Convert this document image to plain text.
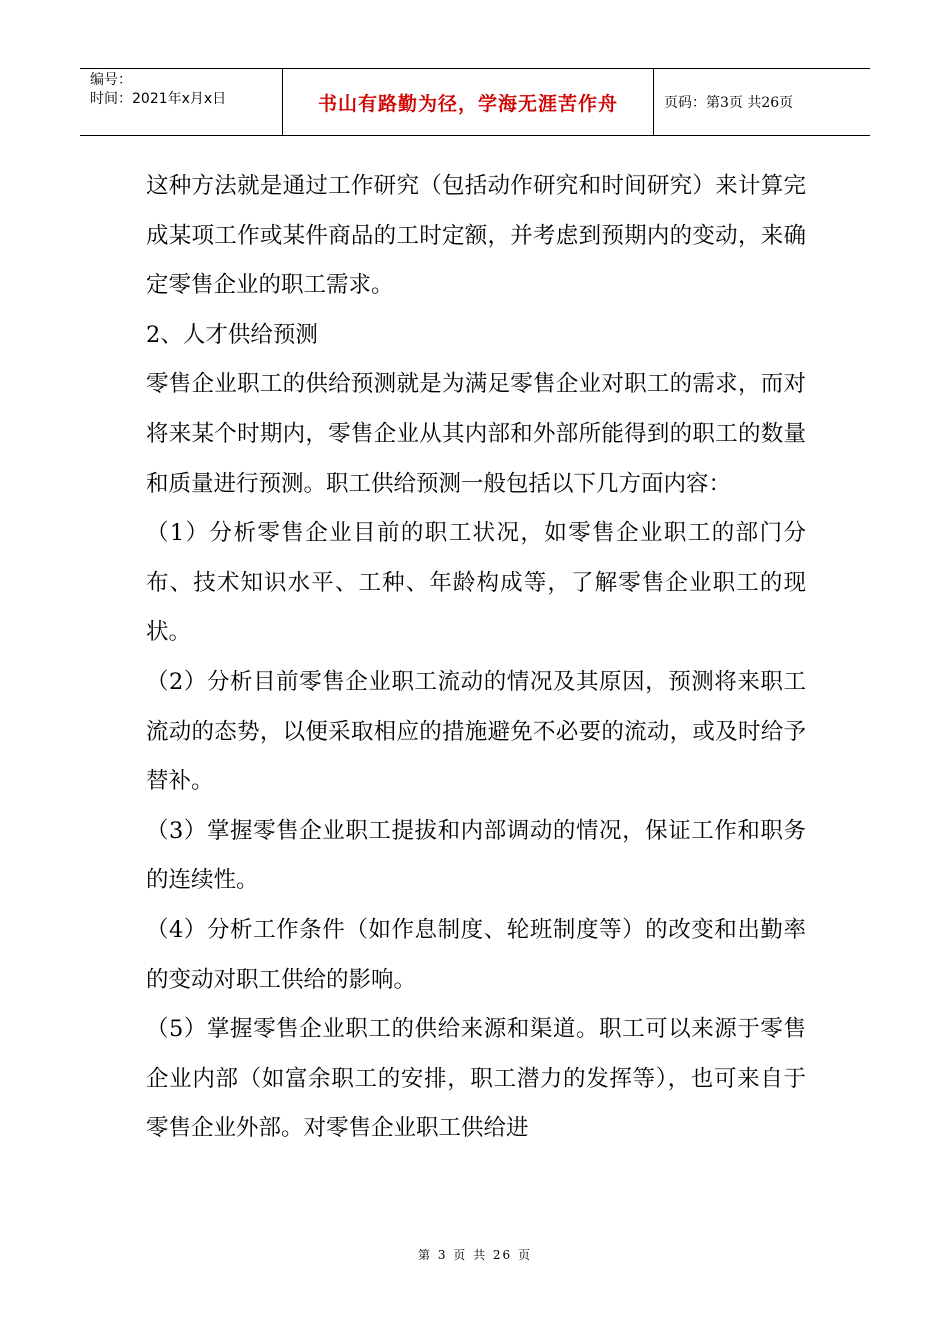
编号：
时间：2021年x月x日	书山有路勤为径，学海无涯苦作舟	页码：第3页 共26页

这种方法就是通过工作研究（包括动作研究和时间研究）来计算完成某项工作或某件商品的工时定额，并考虑到预期内的变动，来确定零售企业的职工需求。

2、人才供给预测

零售企业职工的供给预测就是为满足零售企业对职工的需求，而对将来某个时期内，零售企业从其内部和外部所能得到的职工的数量和质量进行预测。职工供给预测一般包括以下几方面内容：

（1）分析零售企业目前的职工状况，如零售企业职工的部门分布、技术知识水平、工种、年龄构成等，了解零售企业职工的现状。

（2）分析目前零售企业职工流动的情况及其原因，预测将来职工流动的态势，以便采取相应的措施避免不必要的流动，或及时给予替补。

（3）掌握零售企业职工提拔和内部调动的情况，保证工作和职务的连续性。

（4）分析工作条件（如作息制度、轮班制度等）的改变和出勤率的变动对职工供给的影响。

（5）掌握零售企业职工的供给来源和渠道。职工可以来源于零售企业内部（如富余职工的安排，职工潜力的发挥等），也可来自于零售企业外部。对零售企业职工供给进

第 3 页 共 26 页
